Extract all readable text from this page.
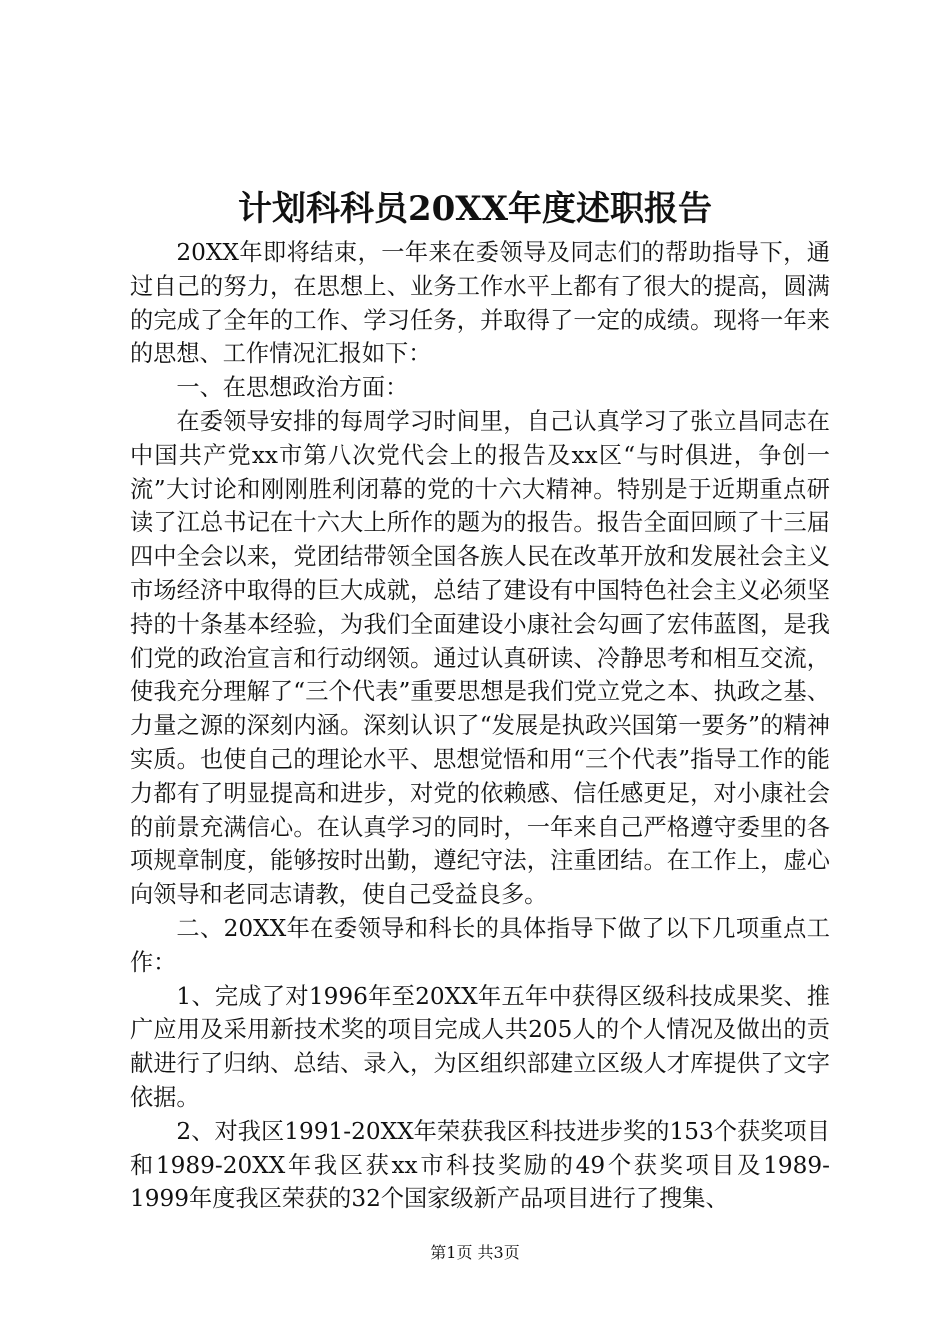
计划科科员20XX年度述职报告

20XX年即将结束，一年来在委领导及同志们的帮助指导下，通过自己的努力，在思想上、业务工作水平上都有了很大的提高，圆满的完成了全年的工作、学习任务，并取得了一定的成绩。现将一年来的思想、工作情况汇报如下：

一、在思想政治方面：

在委领导安排的每周学习时间里，自己认真学习了张立昌同志在中国共产党xx市第八次党代会上的报告及xx区“与时俱进，争创一流”大讨论和刚刚胜利闭幕的党的十六大精神。特别是于近期重点研读了江总书记在十六大上所作的题为的报告。报告全面回顾了十三届四中全会以来，党团结带领全国各族人民在改革开放和发展社会主义市场经济中取得的巨大成就，总结了建设有中国特色社会主义必须坚持的十条基本经验，为我们全面建设小康社会勾画了宏伟蓝图，是我们党的政治宣言和行动纲领。通过认真研读、冷静思考和相互交流，使我充分理解了“三个代表”重要思想是我们党立党之本、执政之基、力量之源的深刻内涵。深刻认识了“发展是执政兴国第一要务”的精神实质。也使自己的理论水平、思想觉悟和用“三个代表”指导工作的能力都有了明显提高和进步，对党的依赖感、信任感更足，对小康社会的前景充满信心。在认真学习的同时，一年来自己严格遵守委里的各项规章制度，能够按时出勤，遵纪守法，注重团结。在工作上，虚心向领导和老同志请教，使自己受益良多。

二、20XX年在委领导和科长的具体指导下做了以下几项重点工作：

1、完成了对1996年至20XX年五年中获得区级科技成果奖、推广应用及采用新技术奖的项目完成人共205人的个人情况及做出的贡献进行了归纳、总结、录入，为区组织部建立区级人才库提供了文字依据。

2、对我区1991-20XX年荣获我区科技进步奖的153个获奖项目和1989-20XX年我区获xx市科技奖励的49个获奖项目及1989-1999年度我区荣获的32个国家级新产品项目进行了搜集、

第1页 共3页
